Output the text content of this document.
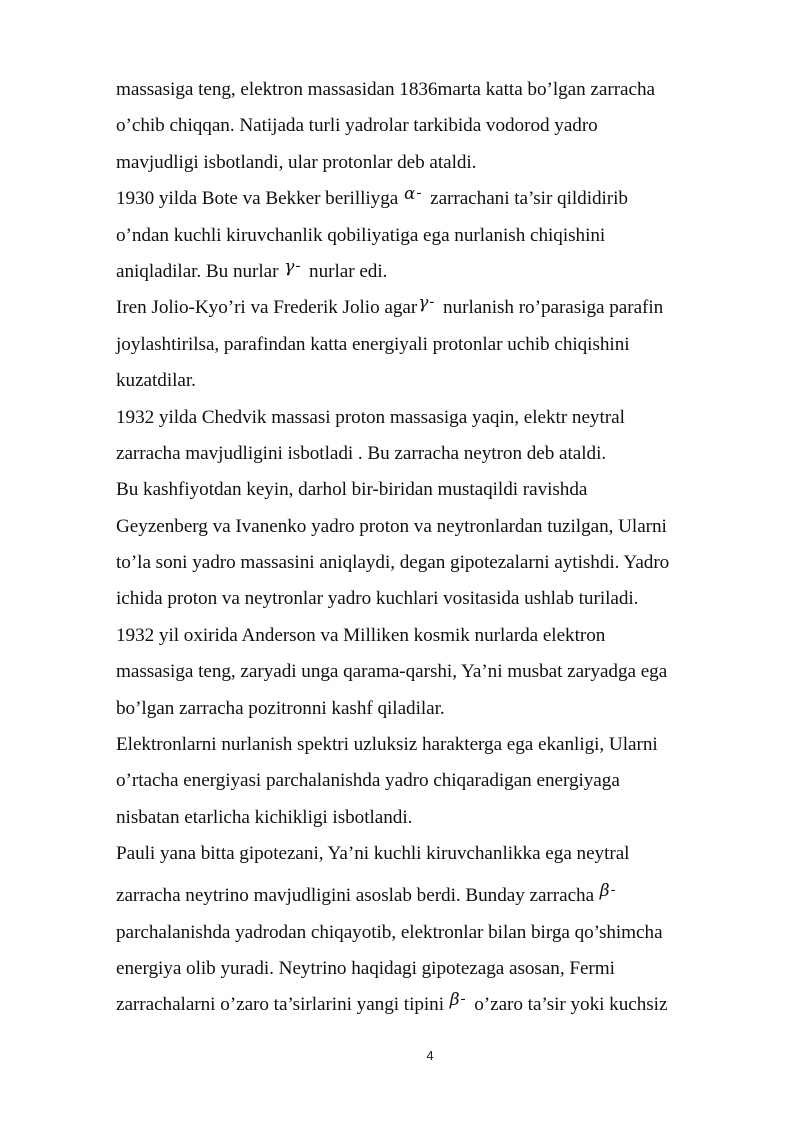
massasiga teng, elektron massasidan 1836marta katta bo’lgan zarracha
o’chib chiqqan. Natijada turli yadrolar tarkibida vodorod yadro
mavjudligi isbotlandi, ular protonlar deb ataldi.
1930 yilda Bote va Bekker berilliyga α- zarrachani ta’sir qildidirib
o’ndan kuchli kiruvchanlik qobiliyatiga ega nurlanish chiqishini
aniqladilar. Bu nurlar γ- nurlar edi.
Iren Jolio-Kyo’ri va Frederik Jolio agarγ- nurlanish ro’parasiga parafin
joylashtirilsa, parafindan katta energiyali protonlar uchib chiqishini
kuzatdilar.
1932 yilda Chedvik massasi proton massasiga yaqin, elektr neytral
zarracha mavjudligini isbotladi . Bu zarracha neytron deb ataldi.
Bu kashfiyotdan keyin, darhol bir-biridan mustaqildi ravishda
Geyzenberg va Ivanenko yadro proton va neytronlardan tuzilgan, Ularni
to’la soni yadro massasini aniqlaydi, degan gipotezalarni aytishdi. Yadro
ichida proton va neytronlar yadro kuchlari vositasida ushlab turiladi.
1932 yil oxirida Anderson va Milliken kosmik nurlarda elektron
massasiga teng, zaryadi unga qarama-qarshi, Ya’ni musbat zaryadga ega
bo’lgan zarracha pozitronni kashf qiladilar.
Elektronlarni nurlanish spektri uzluksiz harakterga ega ekanligi, Ularni
o’rtacha energiyasi parchalanishda yadro chiqaradigan energiyaga
nisbatan etarlicha kichikligi isbotlandi.
Pauli yana bitta gipotezani, Ya’ni kuchli kiruvchanlikka ega neytral
zarracha neytrino mavjudligini asoslab berdi. Bunday zarracha β-
parchalanishda yadrodan chiqayotib, elektronlar bilan birga qo’shimcha
energiya olib yuradi. Neytrino haqidagi gipotezaga asosan, Fermi
zarrachalarni o’zaro ta’sirlarini yangi tipini β- o’zaro ta’sir yoki kuchsiz
4
